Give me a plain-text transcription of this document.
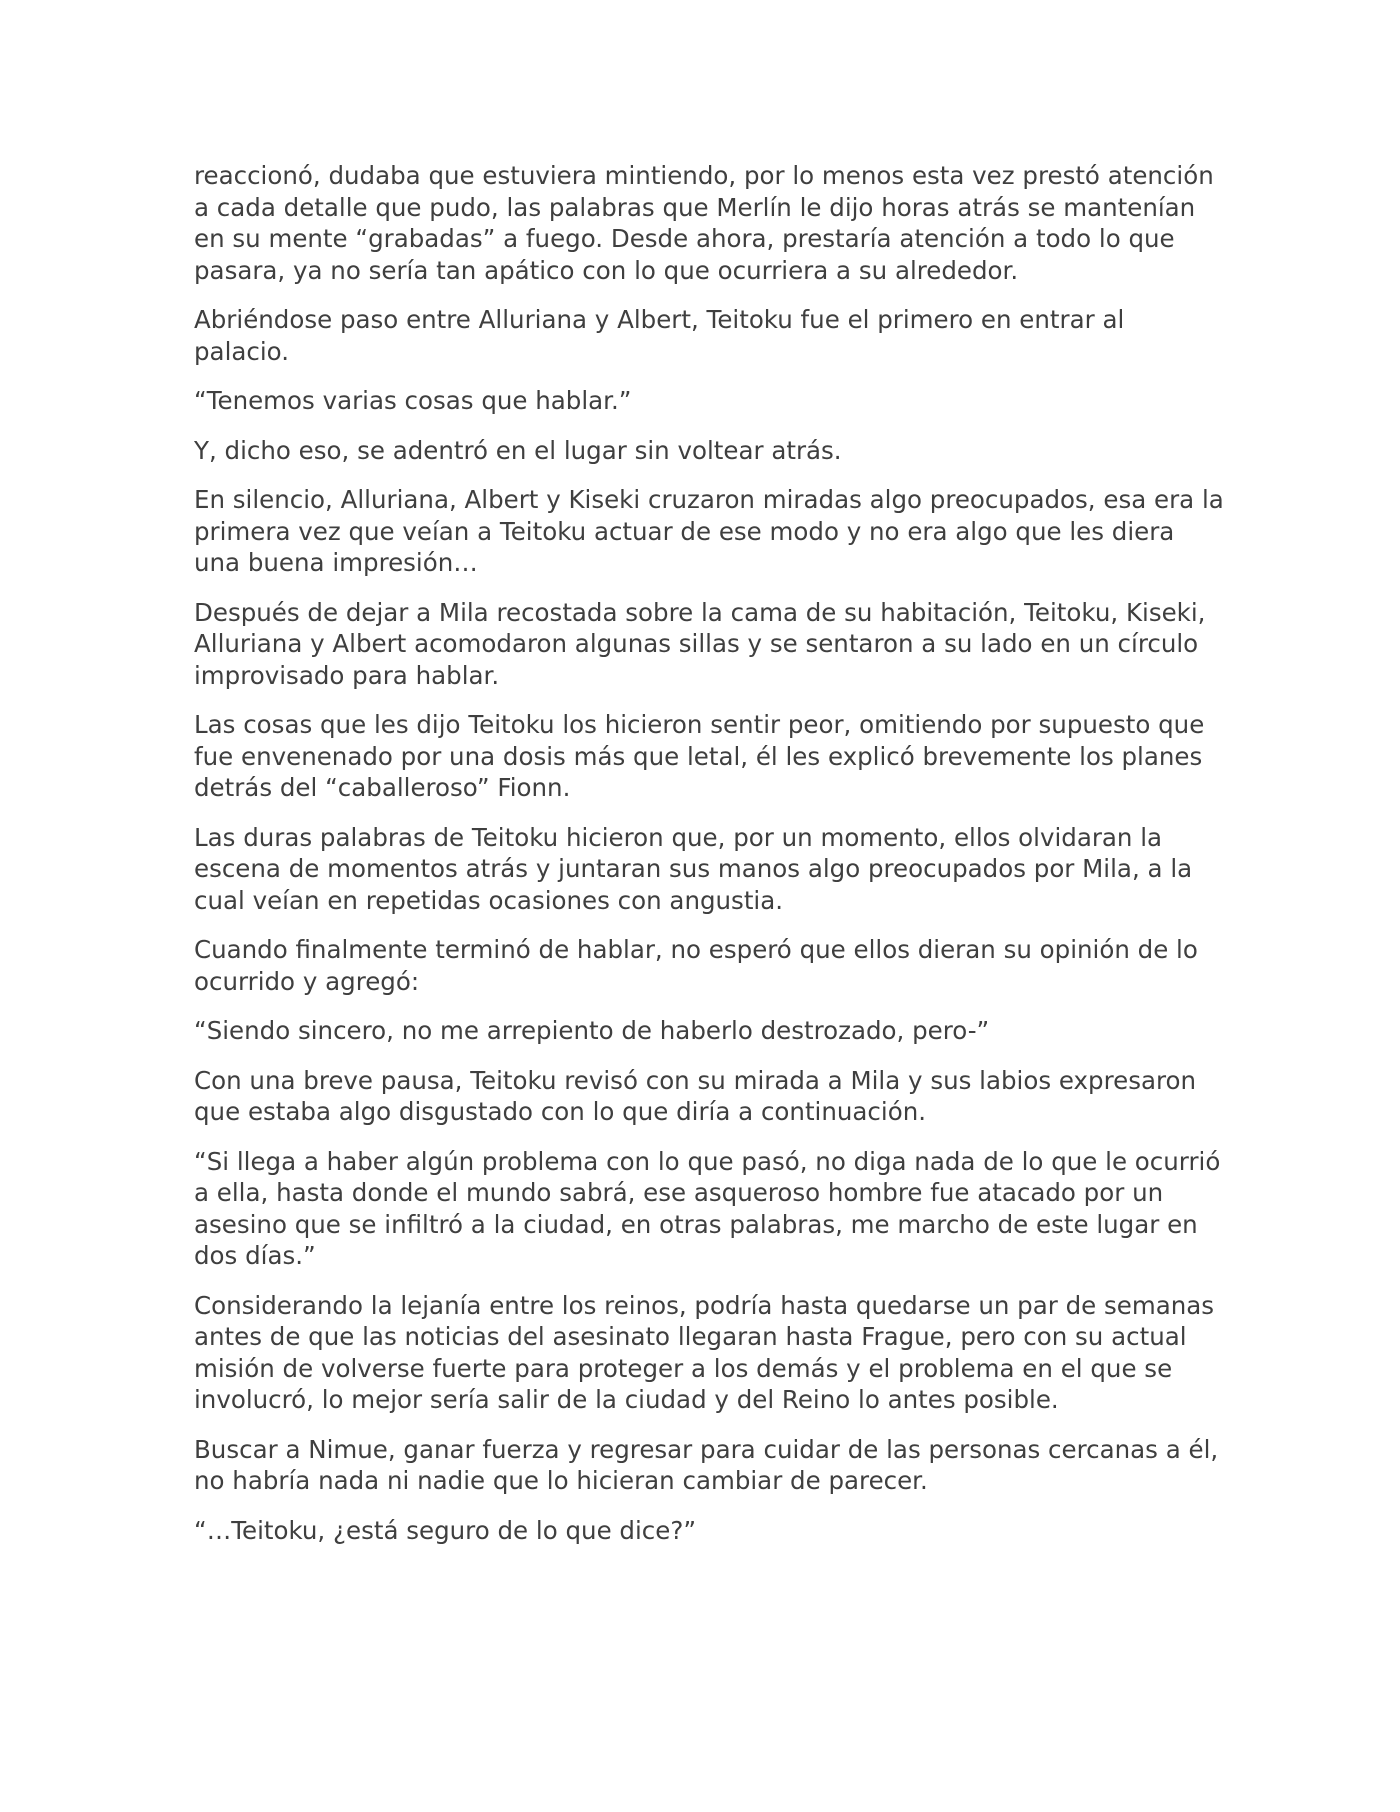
reaccionó, dudaba que estuviera mintiendo, por lo menos esta vez prestó atención a cada detalle que pudo, las palabras que Merlín le dijo horas atrás se mantenían en su mente “grabadas” a fuego. Desde ahora, prestaría atención a todo lo que pasara, ya no sería tan apático con lo que ocurriera a su alrededor.

Abriéndose paso entre Alluriana y Albert, Teitoku fue el primero en entrar al palacio.

“Tenemos varias cosas que hablar.”

Y, dicho eso, se adentró en el lugar sin voltear atrás.

En silencio, Alluriana, Albert y Kiseki cruzaron miradas algo preocupados, esa era la primera vez que veían a Teitoku actuar de ese modo y no era algo que les diera una buena impresión…

Después de dejar a Mila recostada sobre la cama de su habitación, Teitoku, Kiseki, Alluriana y Albert acomodaron algunas sillas y se sentaron a su lado en un círculo improvisado para hablar.

Las cosas que les dijo Teitoku los hicieron sentir peor, omitiendo por supuesto que fue envenenado por una dosis más que letal, él les explicó brevemente los planes detrás del “caballeroso” Fionn.

Las duras palabras de Teitoku hicieron que, por un momento, ellos olvidaran la escena de momentos atrás y juntaran sus manos algo preocupados por Mila, a la cual veían en repetidas ocasiones con angustia.

Cuando finalmente terminó de hablar, no esperó que ellos dieran su opinión de lo ocurrido y agregó:

“Siendo sincero, no me arrepiento de haberlo destrozado, pero-”

Con una breve pausa, Teitoku revisó con su mirada a Mila y sus labios expresaron que estaba algo disgustado con lo que diría a continuación.

“Si llega a haber algún problema con lo que pasó, no diga nada de lo que le ocurrió a ella, hasta donde el mundo sabrá, ese asqueroso hombre fue atacado por un asesino que se infiltró a la ciudad, en otras palabras, me marcho de este lugar en dos días.”

Considerando la lejanía entre los reinos, podría hasta quedarse un par de semanas antes de que las noticias del asesinato llegaran hasta Frague, pero con su actual misión de volverse fuerte para proteger a los demás y el problema en el que se involucró, lo mejor sería salir de la ciudad y del Reino lo antes posible.

Buscar a Nimue, ganar fuerza y regresar para cuidar de las personas cercanas a él, no habría nada ni nadie que lo hicieran cambiar de parecer.

“…Teitoku, ¿está seguro de lo que dice?”
